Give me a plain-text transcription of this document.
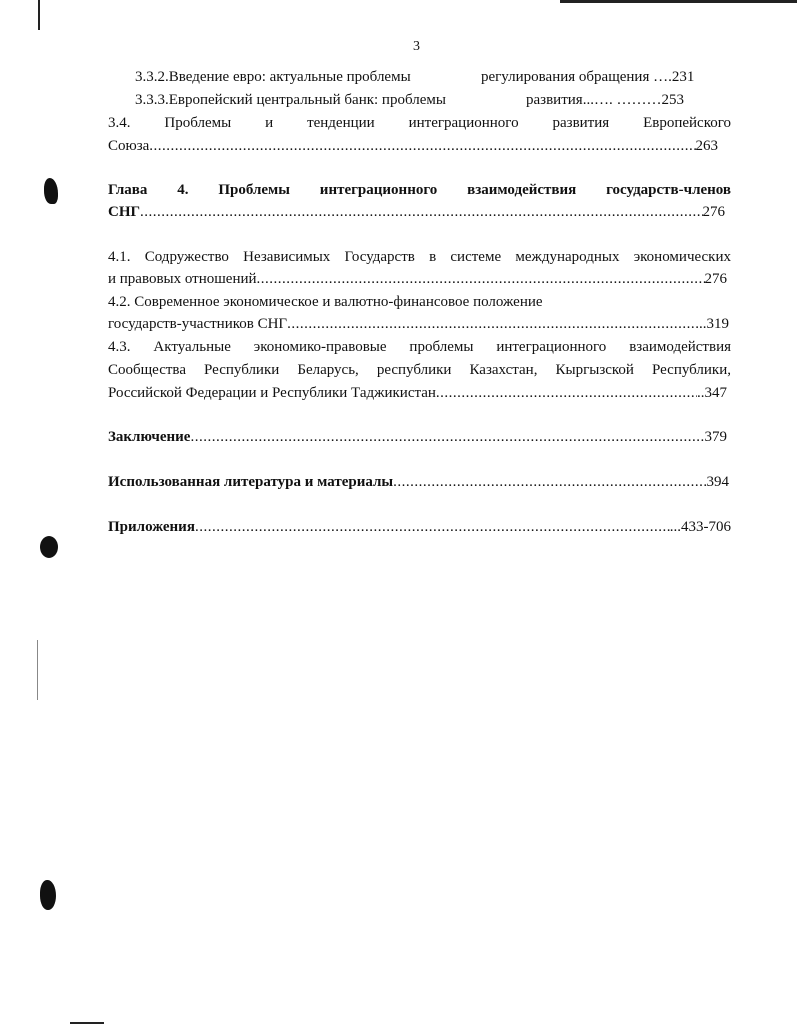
3
3.3.2.Введение евро: актуальные проблемы	регулирования обращения ….231
3.3.3.Европейский центральный банк: проблемы	развития...…. ………253
3.4. Проблемы и тенденции интеграционного развития Европейского
Союза .....	263
Глава 4. Проблемы интеграционного взаимодействия государств-членов
СНГ .....	276
4.1. Содружество Независимых Государств в системе международных экономических
и правовых отношений .....	276
4.2. Современное экономическое и валютно-финансовое положение
государств-участников СНГ .....	...319
4.3. Актуальные экономико-правовые проблемы интеграционного взаимодействия
Сообщества Республики Беларусь, республики Казахстан, Кыргызской Республики,
Российской Федерации и Республики Таджикистан .....	..347
Заключение .....	379
Использованная литература и материалы .....	394
Приложения .....	...433-706
